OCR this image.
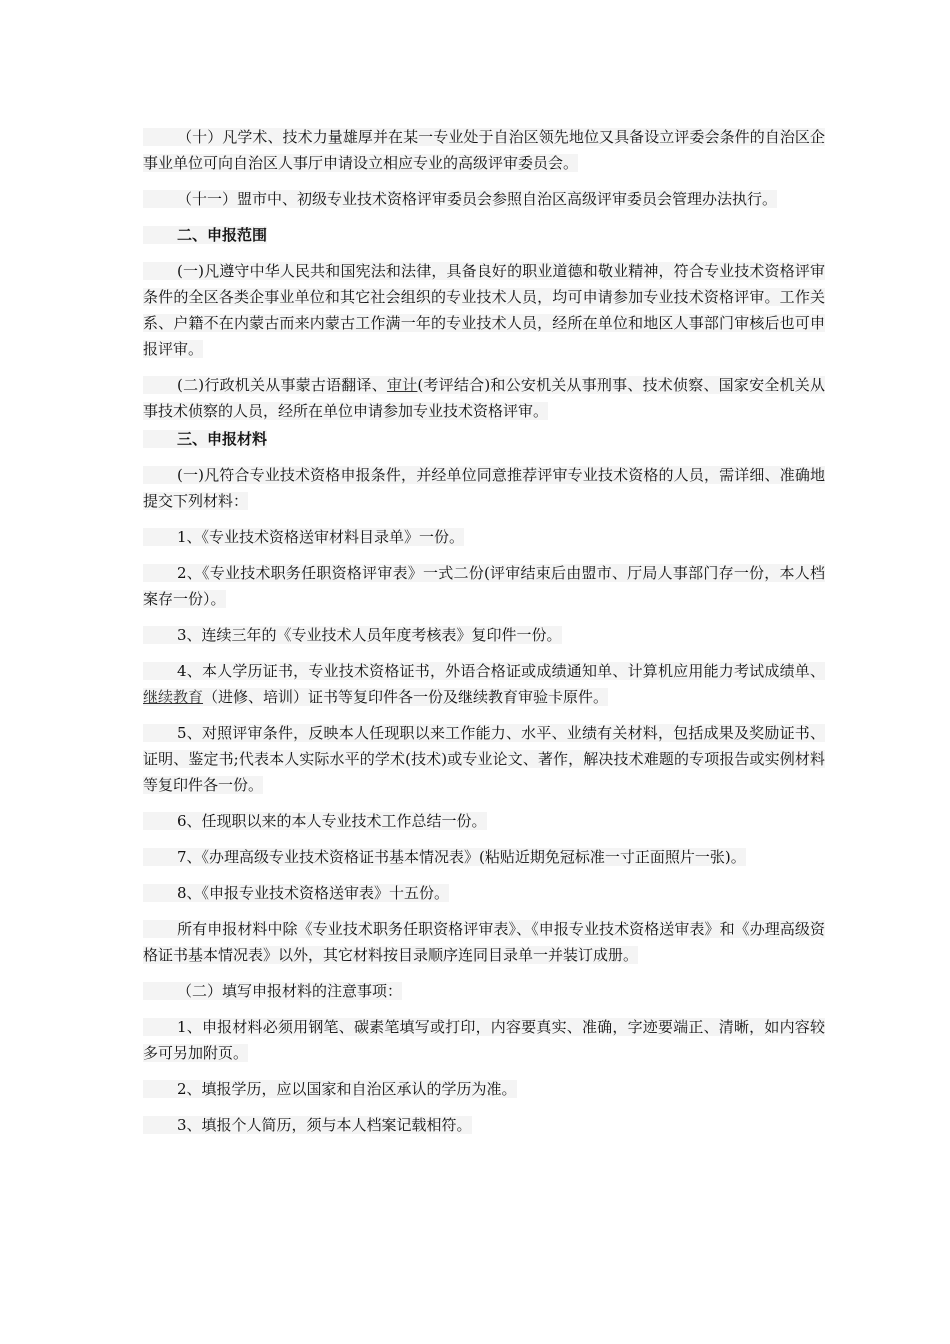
（十）凡学术、技术力量雄厚并在某一专业处于自治区领先地位又具备设立评委会条件的自治区企事业单位可向自治区人事厅申请设立相应专业的高级评审委员会。

（十一）盟市中、初级专业技术资格评审委员会参照自治区高级评审委员会管理办法执行。

二、申报范围

(一)凡遵守中华人民共和国宪法和法律，具备良好的职业道德和敬业精神，符合专业技术资格评审条件的全区各类企事业单位和其它社会组织的专业技术人员，均可申请参加专业技术资格评审。工作关系、户籍不在内蒙古而来内蒙古工作满一年的专业技术人员，经所在单位和地区人事部门审核后也可申报评审。

(二)行政机关从事蒙古语翻译、审计(考评结合)和公安机关从事刑事、技术侦察、国家安全机关从事技术侦察的人员，经所在单位申请参加专业技术资格评审。

三、申报材料

(一)凡符合专业技术资格申报条件，并经单位同意推荐评审专业技术资格的人员，需详细、准确地提交下列材料：

1、《专业技术资格送审材料目录单》一份。

2、《专业技术职务任职资格评审表》一式二份(评审结束后由盟市、厅局人事部门存一份，本人档案存一份）。

3、连续三年的《专业技术人员年度考核表》复印件一份。

4、本人学历证书，专业技术资格证书，外语合格证或成绩通知单、计算机应用能力考试成绩单、继续教育（进修、培训）证书等复印件各一份及继续教育审验卡原件。

5、对照评审条件，反映本人任现职以来工作能力、水平、业绩有关材料，包括成果及奖励证书、证明、鉴定书;代表本人实际水平的学术(技术)或专业论文、著作，解决技术难题的专项报告或实例材料等复印件各一份。

6、任现职以来的本人专业技术工作总结一份。

7、《办理高级专业技术资格证书基本情况表》(粘贴近期免冠标准一寸正面照片一张)。

8、《申报专业技术资格送审表》十五份。

所有申报材料中除《专业技术职务任职资格评审表》、《申报专业技术资格送审表》和《办理高级资格证书基本情况表》以外，其它材料按目录顺序连同目录单一并装订成册。

（二）填写申报材料的注意事项：

1、申报材料必须用钢笔、碳素笔填写或打印，内容要真实、准确，字迹要端正、清晰，如内容较多可另加附页。

2、填报学历，应以国家和自治区承认的学历为准。

3、填报个人简历，须与本人档案记载相符。
